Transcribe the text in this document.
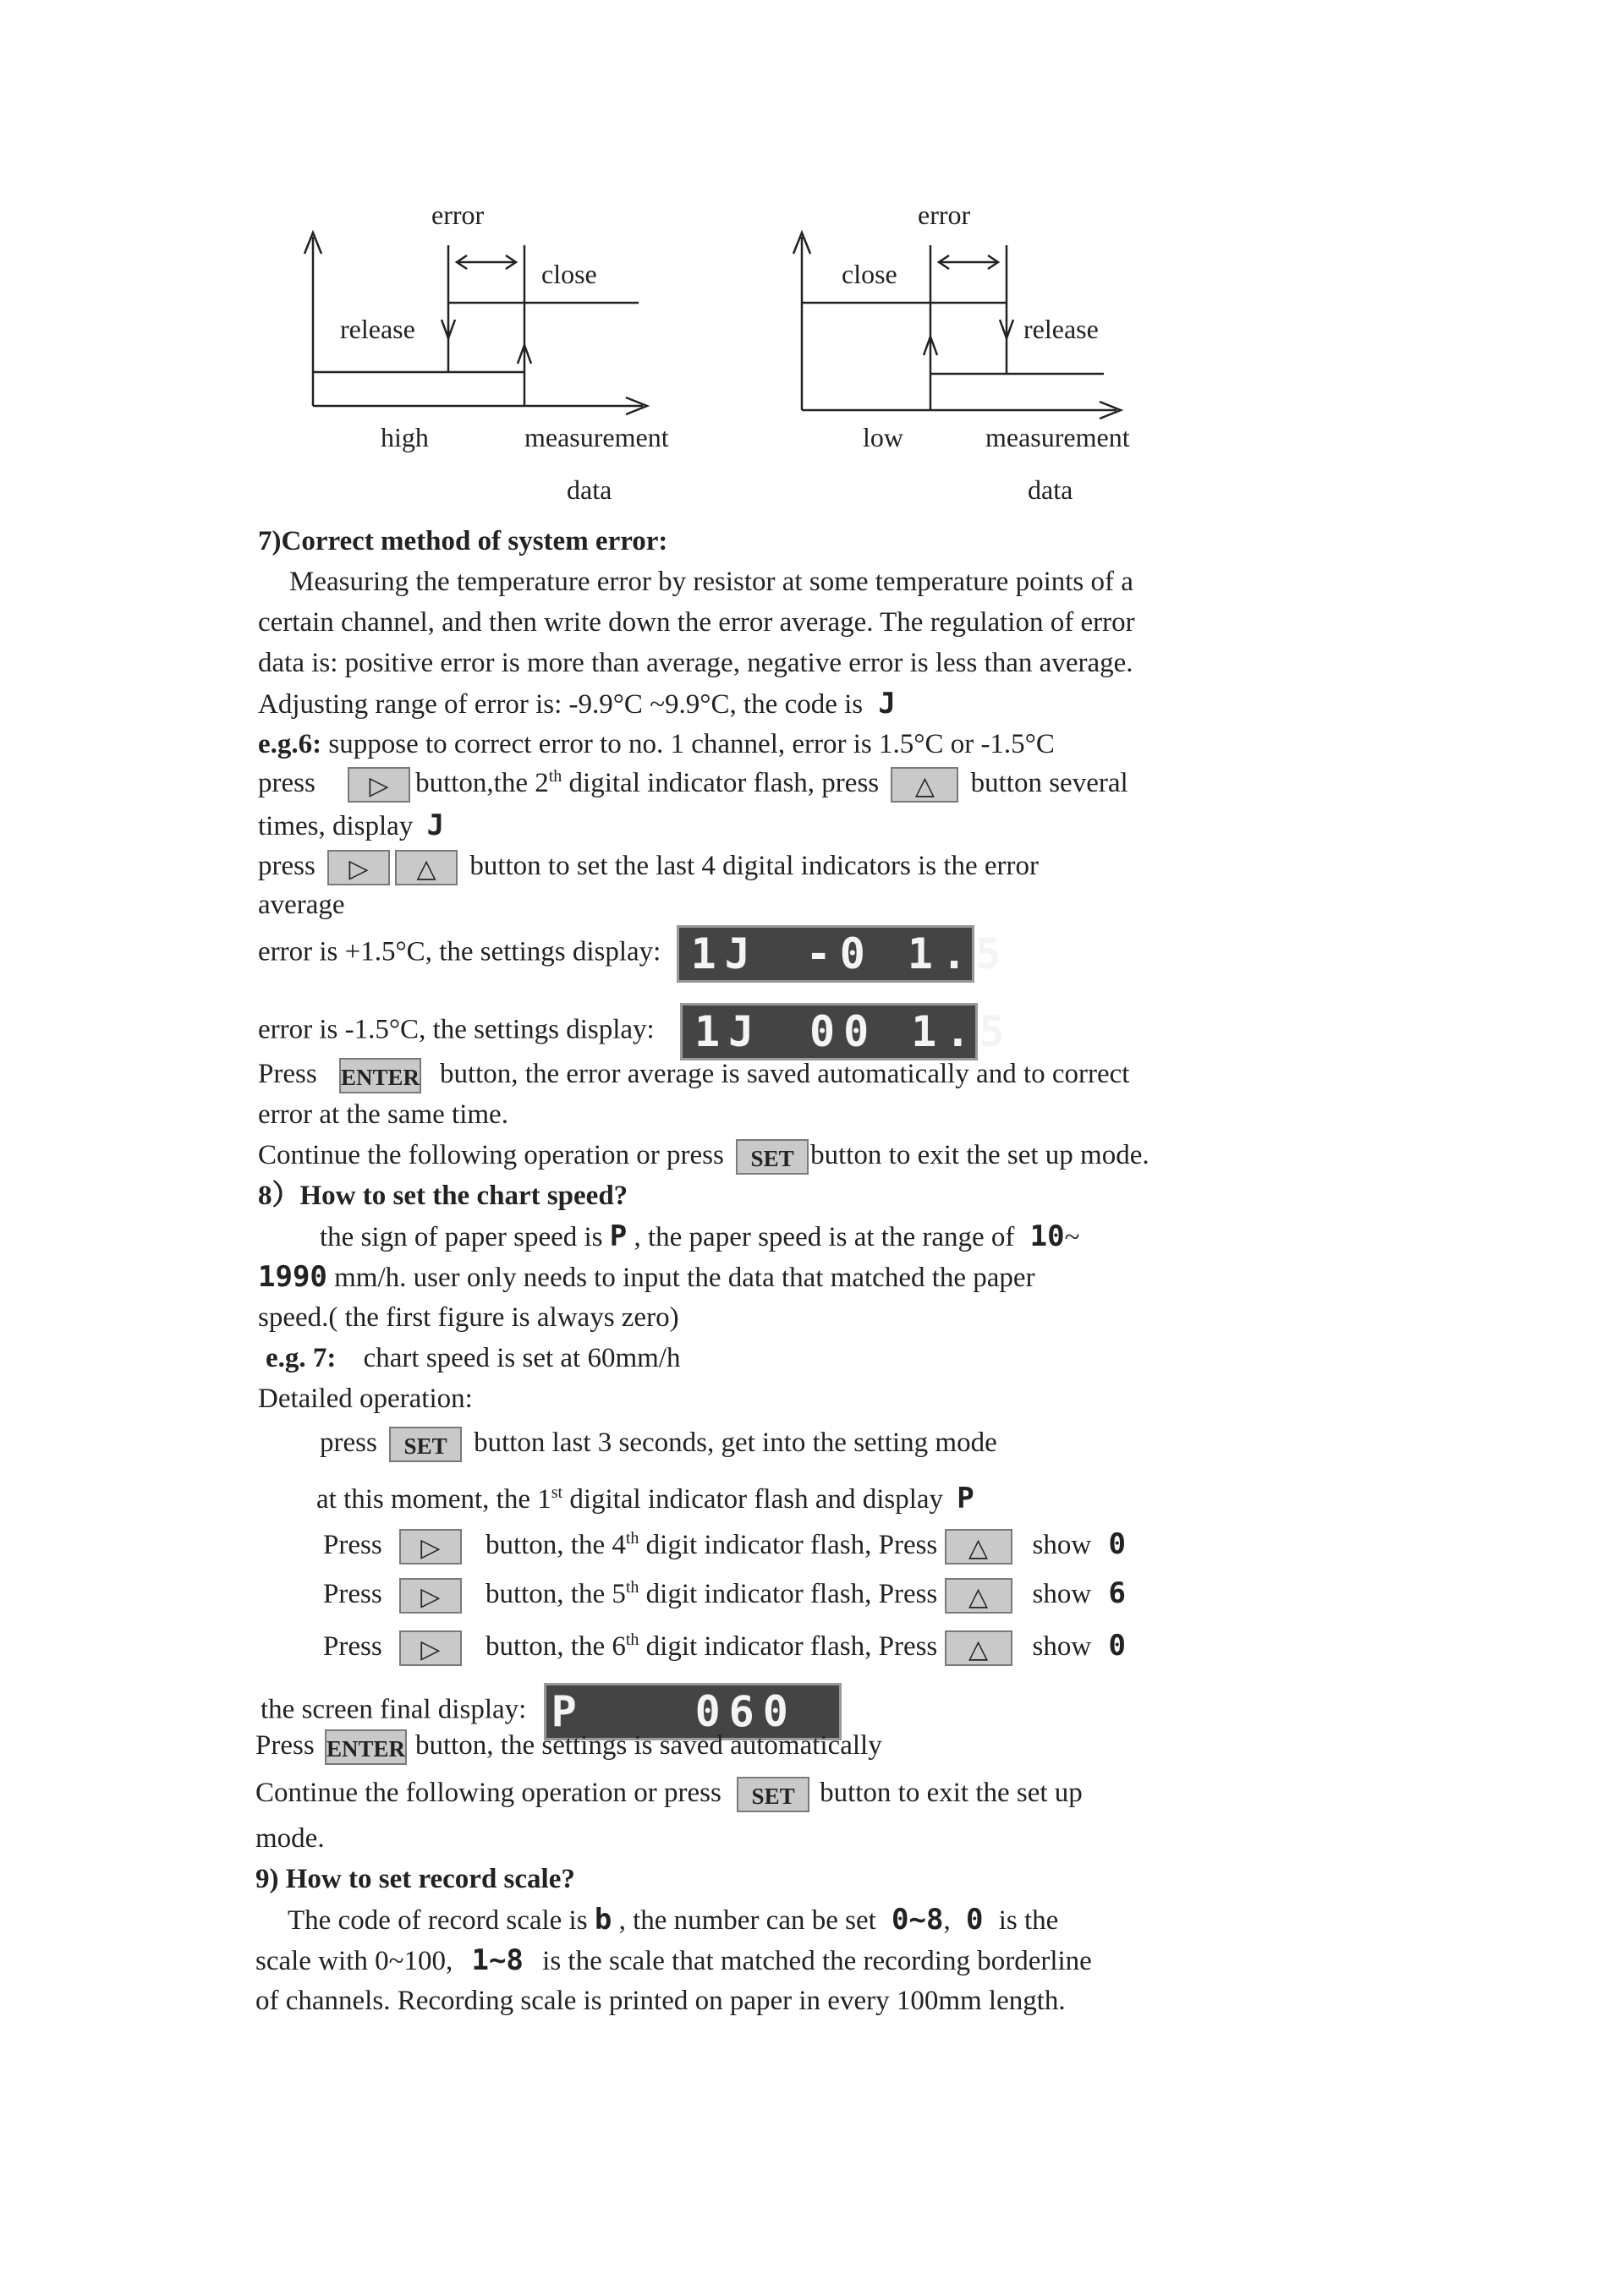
error
close
release
high	measurement
data
error
close
release
low	measurement
data
7)Correct method of system error:
Measuring the temperature error by resistor at some temperature points of a
certain channel, and then write down the error average. The regulation of error
data is: positive error is more than average, negative error is less than average.
Adjusting range of error is: -9.9°C ~9.9°C, the code is J
e.g.6: suppose to correct error to no. 1 channel, error is 1.5°C or -1.5°C
press ▷ button,the 2th digital indicator flash, press △ button several
times, display J
press ▷ △ button to set the last 4 digital indicators is the error
average
error is +1.5°C, the settings display: 1J -0 1.5
error is -1.5°C, the settings display: 1J 00 1.5
Press ENTER button, the error average is saved automatically and to correct
error at the same time.
Continue the following operation or press SET button to exit the set up mode.
8）How to set the chart speed?
the sign of paper speed is P , the paper speed is at the range of 10~
1990 mm/h. user only needs to input the data that matched the paper
speed.( the first figure is always zero)
e.g. 7: chart speed is set at 60mm/h
Detailed operation:
press SET button last 3 seconds, get into the setting mode
at this moment, the 1st digital indicator flash and display P
Press ▷ button, the 4th digit indicator flash, Press △ show 0
Press ▷ button, the 5th digit indicator flash, Press △ show 6
Press ▷ button, the 6th digit indicator flash, Press △ show 0
the screen final display: P	060
Press ENTER button, the settings is saved automatically
Continue the following operation or press SET button to exit the set up
mode.
9) How to set record scale?
The code of record scale is b , the number can be set 0~8, 0 is the
scale with 0~100, 1~8 is the scale that matched the recording borderline
of channels. Recording scale is printed on paper in every 100mm length.
